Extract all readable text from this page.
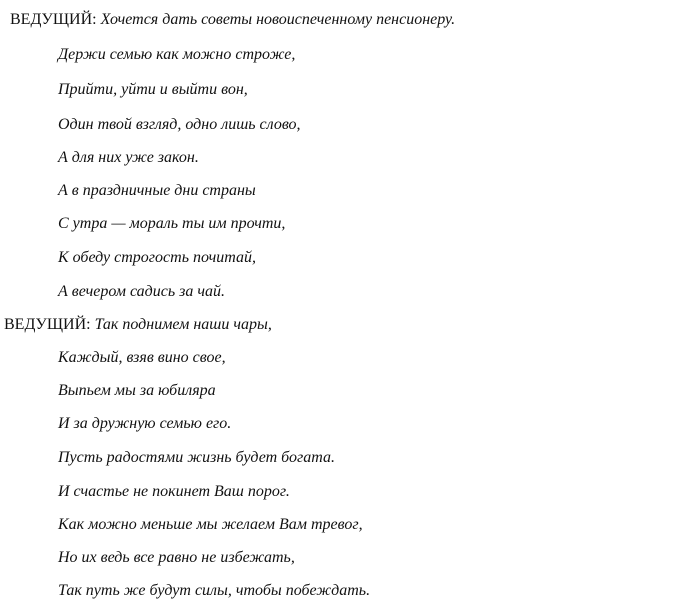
ВЕДУЩИЙ: Хочется дать советы новоиспеченному пенсионеру.
Держи семью как можно строже,
Прийти, уйти и выйти вон,
Один твой взгляд, одно лишь слово,
А для них уже закон.
А в праздничные дни страны
С утра — мораль ты им прочти,
К обеду строгость почитай,
А вечером садись за чай.
ВЕДУЩИЙ: Так поднимем наши чары,
Каждый, взяв вино свое,
Выпьем мы за юбиляра
И за дружную семью его.
Пусть радостями жизнь будет богата.
И счастье не покинет Ваш порог.
Как можно меньше мы желаем Вам тревог,
Но их ведь все равно не избежать,
Так путь же будут силы, чтобы побеждать.
